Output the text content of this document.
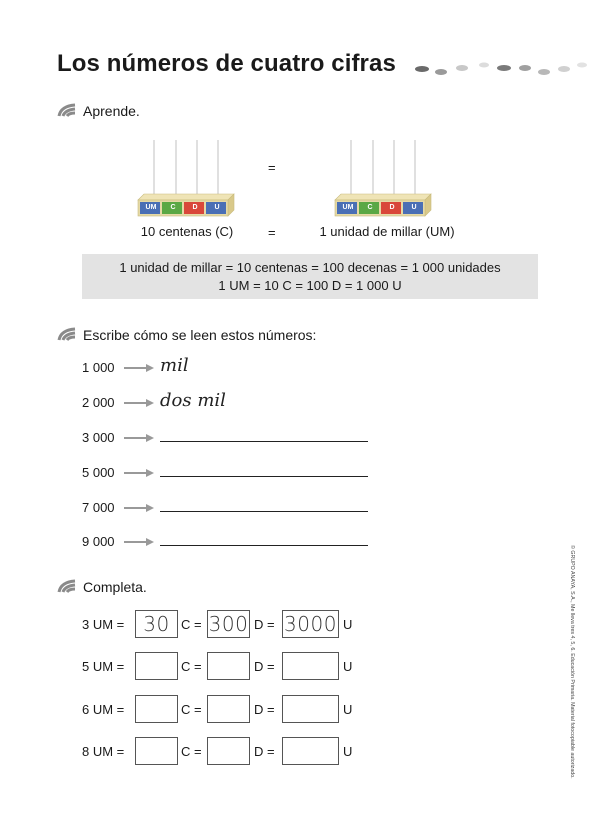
Los números de cuatro cifras
Aprende.
UM	C	D	U
=
UM	C	D	U
10 centenas (C)	=	1 unidad de millar (UM)
1 unidad de millar = 10 centenas = 100 decenas = 1 000 unidades
1 UM = 10 C = 100 D = 1 000 U
Escribe cómo se leen estos números:
1 000	mil
2 000	dos mil
3 000
5 000
7 000
9 000
Completa.
3 UM = 30 C = 300 D = 3000 U
5 UM =	C =	D =	U
6 UM =	C =	D =	U
8 UM =	C =	D =	U	© GRUPO ANAYA, S.A., Me lleva tres 4, 5, 6. Educación Primaria. Material fotocopiable autorizado.
